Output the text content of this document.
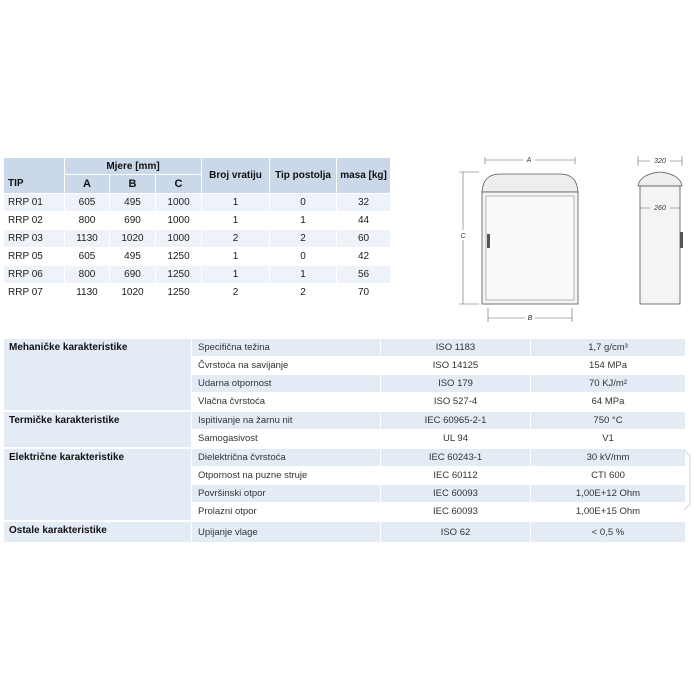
TIP	Mjere [mm]			Broj vratiju	Tip postolja	masa [kg]
	A	B	C			
RRP 01	605	495	1000	1	0	32
RRP 02	800	690	1000	1	1	44
RRP 03	1130	1020	1000	2	2	60
RRP 05	605	495	1250	1	0	42
RRP 06	800	690	1250	1	1	56
RRP 07	1130	1020	1250	2	2	70
A
C
B
320
260
Mehaničke karakteristike	Specifična težina	ISO 1183	1,7 g/cm³
	Čvrstoća na savijanje	ISO 14125	154 MPa
	Udarna otpornost	ISO 179	70 KJ/m²
	Vlačna čvrstoća	ISO 527-4	64 MPa
Termičke karakteristike	Ispitivanje na žarnu nit	IEC 60965-2-1	750 °C
	Samogasivost	UL 94	V1
Električne karakteristike	Dielektrična čvrstoća	IEC 60243-1	30 kV/mm
	Otpornost na puzne struje	IEC 60112	CTI 600
	Površinski otpor	IEC 60093	1,00E+12 Ohm
	Prolazni otpor	IEC 60093	1,00E+15 Ohm
Ostale karakteristike	Upijanje vlage	ISO 62	< 0,5 %
